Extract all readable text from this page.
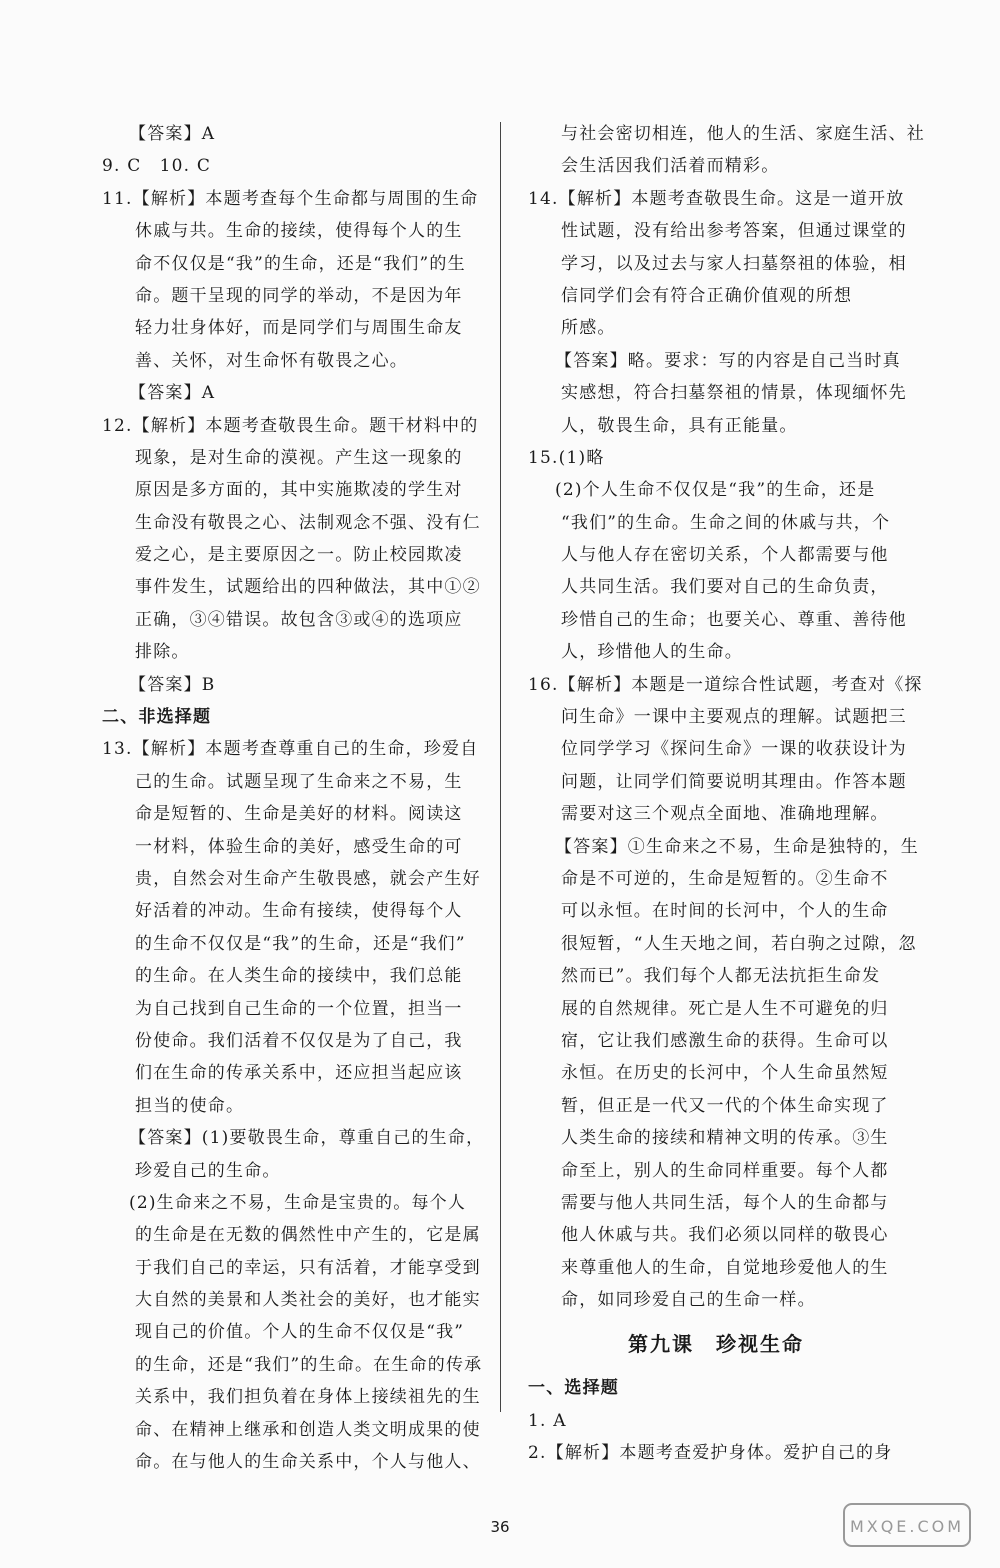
【答案】A
9. C　10. C
11.【解析】本题考查每个生命都与周围的生命
休戚与共。生命的接续，使得每个人的生
命不仅仅是“我”的生命，还是“我们”的生
命。题干呈现的同学的举动，不是因为年
轻力壮身体好，而是同学们与周围生命友
善、关怀，对生命怀有敬畏之心。
【答案】A
12.【解析】本题考查敬畏生命。题干材料中的
现象，是对生命的漠视。产生这一现象的
原因是多方面的，其中实施欺凌的学生对
生命没有敬畏之心、法制观念不强、没有仁
爱之心，是主要原因之一。防止校园欺凌
事件发生，试题给出的四种做法，其中①②
正确，③④错误。故包含③或④的选项应
排除。
【答案】B
二、非选择题
13.【解析】本题考查尊重自己的生命，珍爱自
己的生命。试题呈现了生命来之不易，生
命是短暂的、生命是美好的材料。阅读这
一材料，体验生命的美好，感受生命的可
贵，自然会对生命产生敬畏感，就会产生好
好活着的冲动。生命有接续，使得每个人
的生命不仅仅是“我”的生命，还是“我们”
的生命。在人类生命的接续中，我们总能
为自己找到自己生命的一个位置，担当一
份使命。我们活着不仅仅是为了自己，我
们在生命的传承关系中，还应担当起应该
担当的使命。
【答案】(1)要敬畏生命，尊重自己的生命，
珍爱自己的生命。
(2)生命来之不易，生命是宝贵的。每个人
的生命是在无数的偶然性中产生的，它是属
于我们自己的幸运，只有活着，才能享受到
大自然的美景和人类社会的美好，也才能实
现自己的价值。个人的生命不仅仅是“我”
的生命，还是“我们”的生命。在生命的传承
关系中，我们担负着在身体上接续祖先的生
命、在精神上继承和创造人类文明成果的使
命。在与他人的生命关系中，个人与他人、
与社会密切相连，他人的生活、家庭生活、社
会生活因我们活着而精彩。
14.【解析】本题考查敬畏生命。这是一道开放
性试题，没有给出参考答案，但通过课堂的
学习，以及过去与家人扫墓祭祖的体验，相
信同学们会有符合正确价值观的所想
所感。
【答案】略。要求：写的内容是自己当时真
实感想，符合扫墓祭祖的情景，体现缅怀先
人，敬畏生命，具有正能量。
15.(1)略
(2)个人生命不仅仅是“我”的生命，还是
“我们”的生命。生命之间的休戚与共，个
人与他人存在密切关系，个人都需要与他
人共同生活。我们要对自己的生命负责，
珍惜自己的生命；也要关心、尊重、善待他
人，珍惜他人的生命。
16.【解析】本题是一道综合性试题，考查对《探
问生命》一课中主要观点的理解。试题把三
位同学学习《探问生命》一课的收获设计为
问题，让同学们简要说明其理由。作答本题
需要对这三个观点全面地、准确地理解。
【答案】①生命来之不易，生命是独特的，生
命是不可逆的，生命是短暂的。②生命不
可以永恒。在时间的长河中，个人的生命
很短暂，“人生天地之间，若白驹之过隙，忽
然而已”。我们每个人都无法抗拒生命发
展的自然规律。死亡是人生不可避免的归
宿，它让我们感激生命的获得。生命可以
永恒。在历史的长河中，个人生命虽然短
暂，但正是一代又一代的个体生命实现了
人类生命的接续和精神文明的传承。③生
命至上，别人的生命同样重要。每个人都
需要与他人共同生活，每个人的生命都与
他人休戚与共。我们必须以同样的敬畏心
来尊重他人的生命，自觉地珍爱他人的生
命，如同珍爱自己的生命一样。
第九课　珍视生命
一、选择题
1. A
2.【解析】本题考查爱护身体。爱护自己的身
36	MXQE.COM
